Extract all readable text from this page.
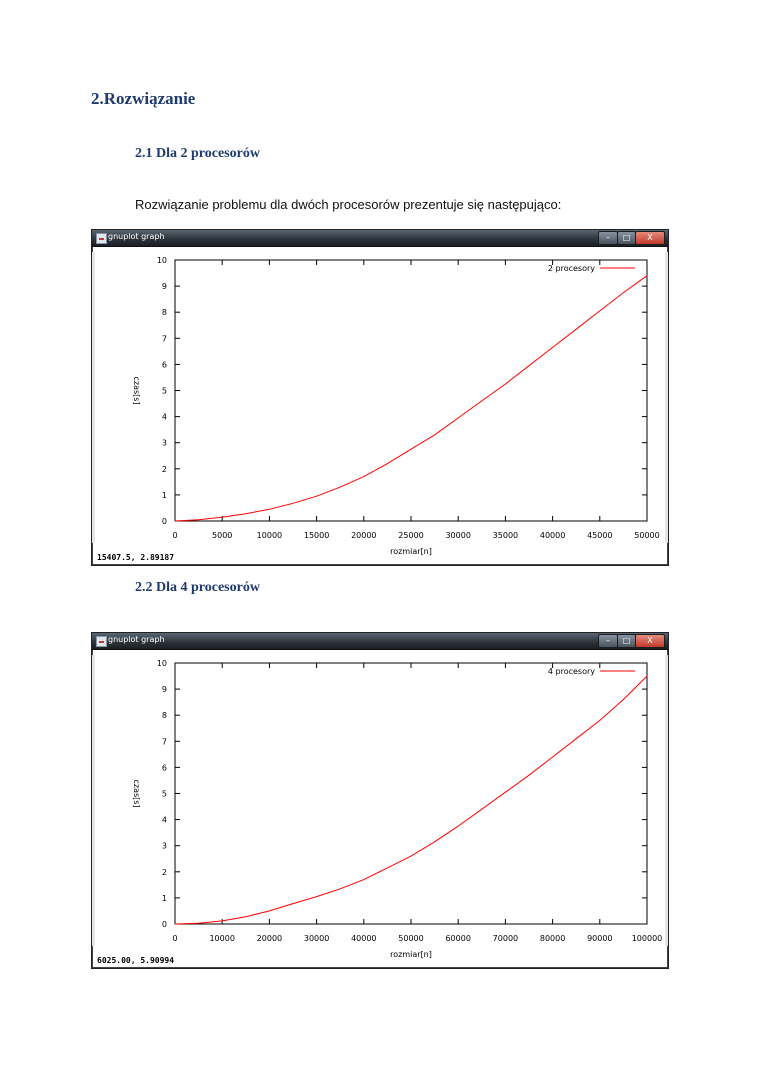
2.Rozwiązanie
2.1 Dla 2 procesorów

Rozwiązanie problemu dla dwóch procesorów prezentuje się następująco:

gnuplot graph	–	□	X
0
1
2
3
4
5
6
7
8
9
10
0	5000	10000	15000	20000	25000	30000	35000	40000	45000	50000
rozmiar[n]
czas[s]
2 procesory
15407.5, 2.89187
2.2 Dla 4 procesorów
gnuplot graph	–	□	X
0
1
2
3
4
5
6
7
8
9
10
0	10000	20000	30000	40000	50000	60000	70000	80000	90000 100000
rozmiar[n]
czas[s]
4 procesory
6025.00, 5.90994
